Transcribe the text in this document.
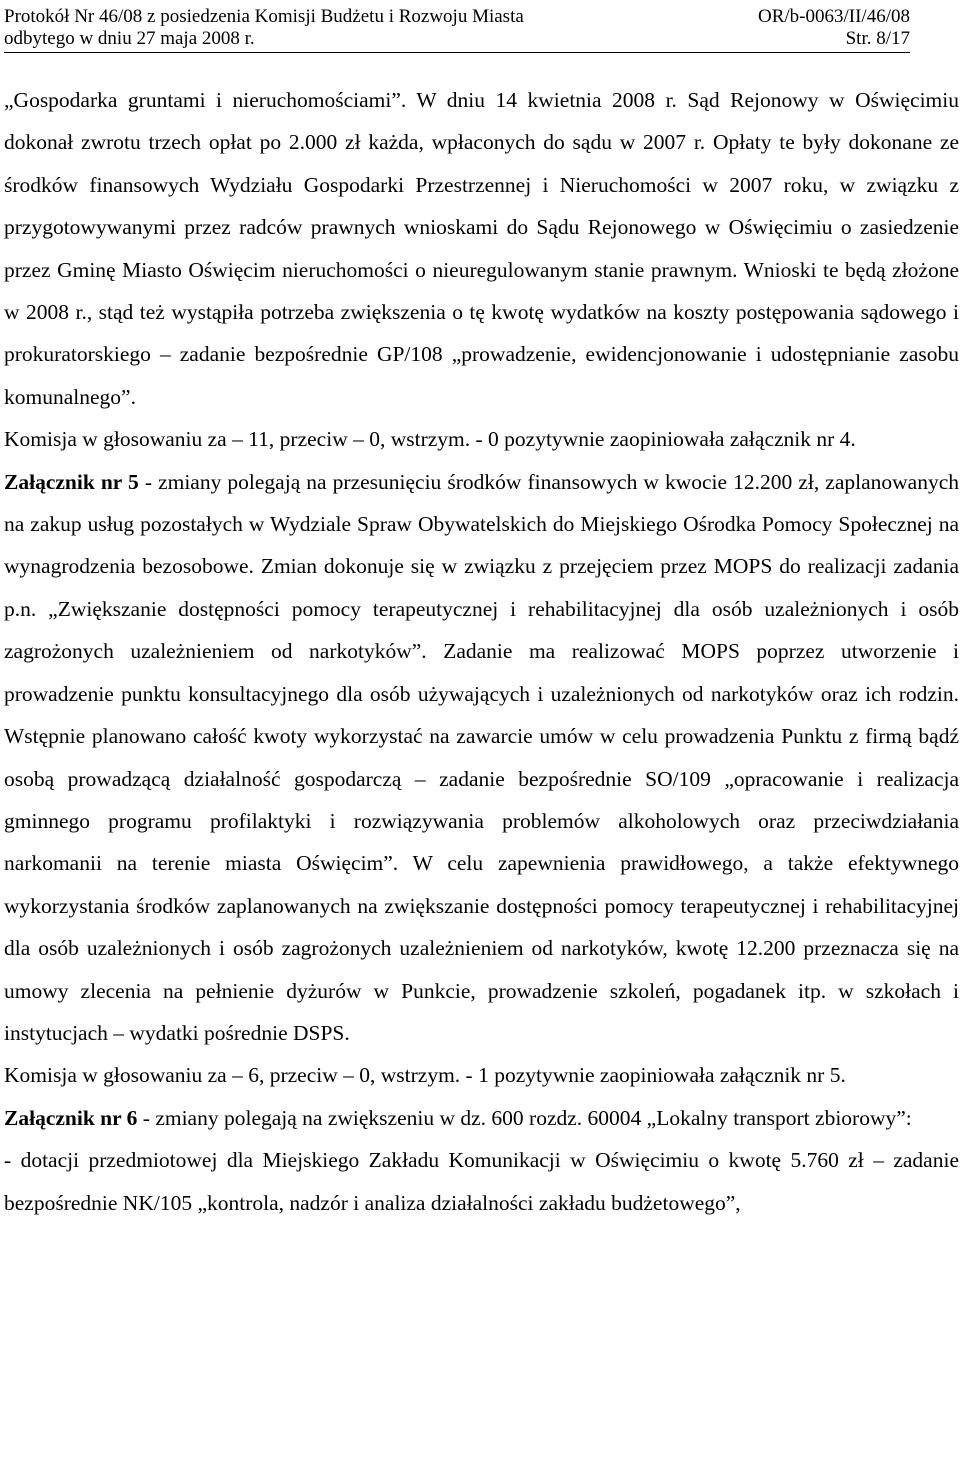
Protokół Nr 46/08 z posiedzenia Komisji Budżetu i Rozwoju Miasta	OR/b-0063/II/46/08
odbytego w dniu 27 maja 2008 r.	Str. 8/17

„Gospodarka gruntami i nieruchomościami”. W dniu 14 kwietnia 2008 r. Sąd Rejonowy w Oświęcimiu dokonał zwrotu trzech opłat po 2.000 zł każda, wpłaconych do sądu w 2007 r. Opłaty te były dokonane ze środków finansowych Wydziału Gospodarki Przestrzennej i Nieruchomości w 2007 roku, w związku z przygotowywanymi przez radców prawnych wnioskami do Sądu Rejonowego w Oświęcimiu o zasiedzenie przez Gminę Miasto Oświęcim nieruchomości o nieuregulowanym stanie prawnym. Wnioski te będą złożone w 2008 r., stąd też wystąpiła potrzeba zwiększenia o tę kwotę wydatków na koszty postępowania sądowego i prokuratorskiego – zadanie bezpośrednie GP/108 „prowadzenie, ewidencjonowanie i udostępnianie zasobu komunalnego”.

Komisja w głosowaniu za – 11, przeciw – 0, wstrzym. - 0 pozytywnie zaopiniowała załącznik nr 4.

Załącznik nr 5 - zmiany polegają na przesunięciu środków finansowych w kwocie 12.200 zł, zaplanowanych na zakup usług pozostałych w Wydziale Spraw Obywatelskich do Miejskiego Ośrodka Pomocy Społecznej na wynagrodzenia bezosobowe. Zmian dokonuje się w związku z przejęciem przez MOPS do realizacji zadania p.n. „Zwiększanie dostępności pomocy terapeutycznej i rehabilitacyjnej dla osób uzależnionych i osób zagrożonych uzależnieniem od narkotyków”. Zadanie ma realizować MOPS poprzez utworzenie i prowadzenie punktu konsultacyjnego dla osób używających i uzależnionych od narkotyków oraz ich rodzin. Wstępnie planowano całość kwoty wykorzystać na zawarcie umów w celu prowadzenia Punktu z firmą bądź osobą prowadzącą działalność gospodarczą – zadanie bezpośrednie SO/109 „opracowanie i realizacja gminnego programu profilaktyki i rozwiązywania problemów alkoholowych oraz przeciwdziałania narkomanii na terenie miasta Oświęcim”. W celu zapewnienia prawidłowego, a także efektywnego wykorzystania środków zaplanowanych na zwiększanie dostępności pomocy terapeutycznej i rehabilitacyjnej dla osób uzależnionych i osób zagrożonych uzależnieniem od narkotyków, kwotę 12.200 przeznacza się na umowy zlecenia na pełnienie dyżurów w Punkcie, prowadzenie szkoleń, pogadanek itp. w szkołach i instytucjach – wydatki pośrednie DSPS.

Komisja w głosowaniu za – 6, przeciw – 0, wstrzym. - 1 pozytywnie zaopiniowała załącznik nr 5.

Załącznik nr 6 - zmiany polegają na zwiększeniu w dz. 600 rozdz. 60004 „Lokalny transport zbiorowy”:

- dotacji przedmiotowej dla Miejskiego Zakładu Komunikacji w Oświęcimiu o kwotę 5.760 zł – zadanie bezpośrednie NK/105 „kontrola, nadzór i analiza działalności zakładu budżetowego”,
